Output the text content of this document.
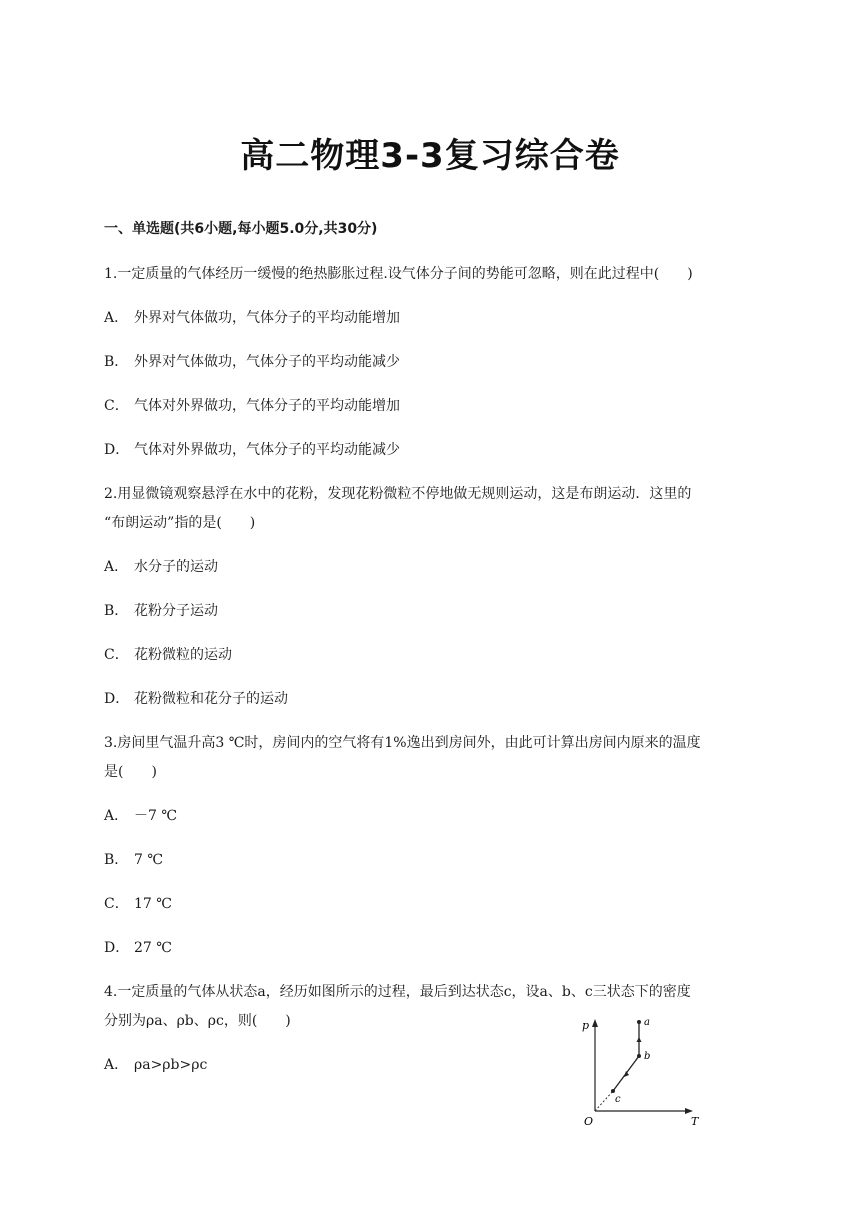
高二物理3-3复习综合卷
一、单选题(共6小题,每小题5.0分,共30分)
1.一定质量的气体经历一缓慢的绝热膨胀过程.设气体分子间的势能可忽略，则在此过程中(　　)
A． 外界对气体做功，气体分子的平均动能增加
B． 外界对气体做功，气体分子的平均动能减少
C． 气体对外界做功，气体分子的平均动能增加
D． 气体对外界做功，气体分子的平均动能减少
2.用显微镜观察悬浮在水中的花粉，发现花粉微粒不停地做无规则运动，这是布朗运动．这里的
“布朗运动”指的是(　　)
A． 水分子的运动
B． 花粉分子运动
C． 花粉微粒的运动
D． 花粉微粒和花分子的运动
3.房间里气温升高3 ℃时，房间内的空气将有1%逸出到房间外，由此可计算出房间内原来的温度
是(　　)
A． －7 ℃
B． 7 ℃
C． 17 ℃
D． 27 ℃
4.一定质量的气体从状态a，经历如图所示的过程，最后到达状态c，设a、b、c三状态下的密度
分别为ρa、ρb、ρc，则(　　)
A． ρa>ρb>ρc
p
T
O
a
b
c
